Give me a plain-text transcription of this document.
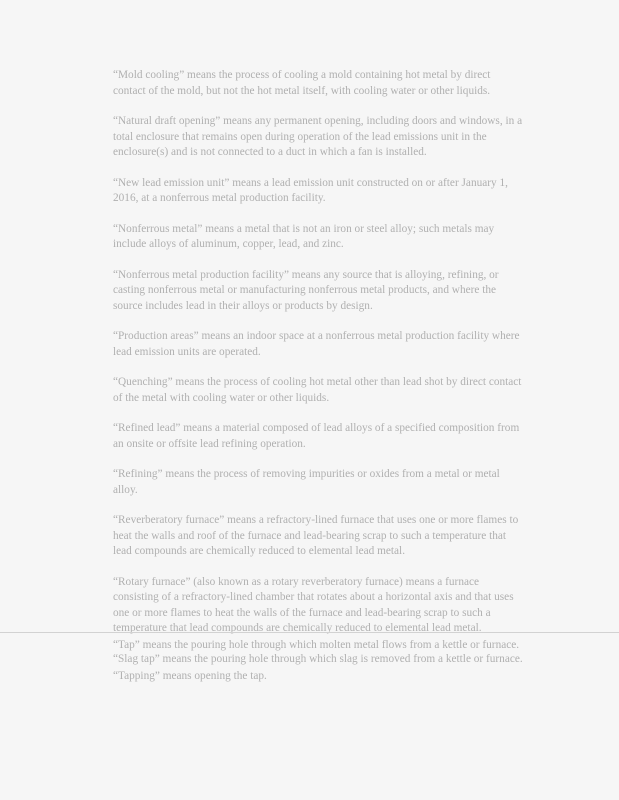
“Mold cooling” means the process of cooling a mold containing hot metal by direct contact of the mold, but not the hot metal itself, with cooling water or other liquids.

“Natural draft opening” means any permanent opening, including doors and windows, in a total enclosure that remains open during operation of the lead emissions unit in the enclosure(s) and is not connected to a duct in which a fan is installed.

“New lead emission unit” means a lead emission unit constructed on or after January 1, 2016, at a nonferrous metal production facility.

“Nonferrous metal” means a metal that is not an iron or steel alloy; such metals may include alloys of aluminum, copper, lead, and zinc.

“Nonferrous metal production facility” means any source that is alloying, refining, or casting nonferrous metal or manufacturing nonferrous metal products, and where the source includes lead in their alloys or products by design.

“Production areas” means an indoor space at a nonferrous metal production facility where lead emission units are operated.

“Quenching” means the process of cooling hot metal other than lead shot by direct contact of the metal with cooling water or other liquids.

“Refined lead” means a material composed of lead alloys of a specified composition from an onsite or offsite lead refining operation.

“Refining” means the process of removing impurities or oxides from a metal or metal alloy.

“Reverberatory furnace” means a refractory-lined furnace that uses one or more flames to heat the walls and roof of the furnace and lead-bearing scrap to such a temperature that lead compounds are chemically reduced to elemental lead metal.

“Rotary furnace” (also known as a rotary reverberatory furnace) means a furnace consisting of a refractory-lined chamber that rotates about a horizontal axis and that uses one or more flames to heat the walls of the furnace and lead-bearing scrap to such a temperature that lead compounds are chemically reduced to elemental lead metal.

“Slag tap” means the pouring hole through which slag is removed from a kettle or furnace.

“Tap” means the pouring hole through which molten metal flows from a kettle or furnace.

“Tapping” means opening the tap.
